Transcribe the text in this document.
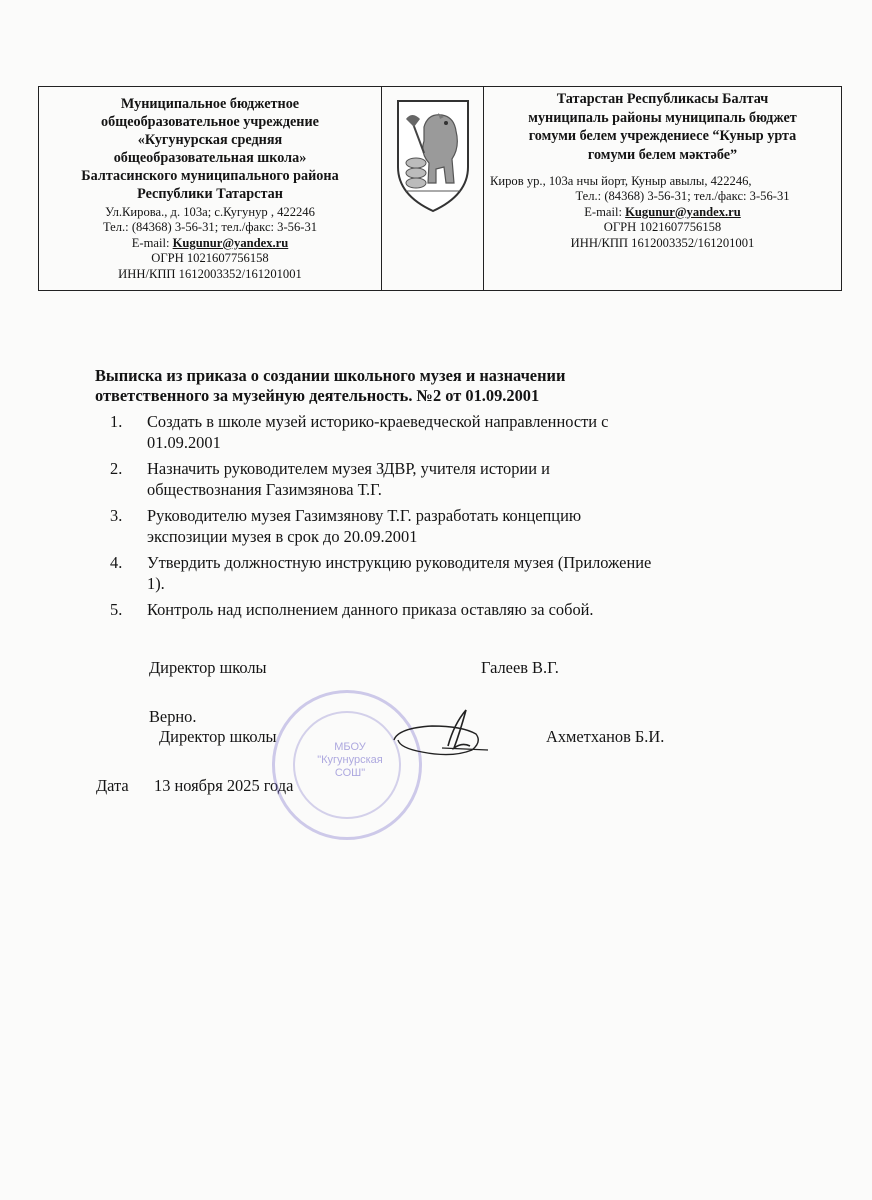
Муниципальное бюджетное
общеобразовательное учреждение
«Кугунурская средняя
общеобразовательная школа»
Балтасинского муниципального района
Республики Татарстан
Ул.Кирова., д. 103а; с.Кугунур , 422246
Тел.: (84368) 3-56-31; тел./факс: 3-56-31
E-mail: Kugunur@yandex.ru
ОГРН 1021607756158
ИНН/КПП 1612003352/161201001
Татарстан Республикасы Балтач
муниципаль районы муниципаль бюджет
гомуми белем учреждениесе “Куныр урта
гомуми белем мәктәбе”
Киров ур., 103а нчы йорт, Куныр авылы, 422246,
Тел.: (84368) 3-56-31; тел./факс: 3-56-31
E-mail: Kugunur@yandex.ru
ОГРН 1021607756158
ИНН/КПП 1612003352/161201001
Выписка из приказа о создании школьного музея и назначении
ответственного за музейную деятельность. №2 от 01.09.2001
1. Создать в школе музей историко-краеведческой направленности с
01.09.2001
2. Назначить руководителем музея ЗДВР, учителя истории и
обществознания Газимзянова Т.Г.
3. Руководителю музея Газимзянову Т.Г. разработать концепцию
экспозиции музея в срок до 20.09.2001
4. Утвердить должностную инструкцию руководителя музея (Приложение
1).
5. Контроль над исполнением данного приказа оставляю за собой.
Директор школы	Галеев В.Г.
Верно.
Директор школы	Ахметханов Б.И.
Дата 13 ноября 2025 года
МБОУ
"Кугунурская
СОШ"
